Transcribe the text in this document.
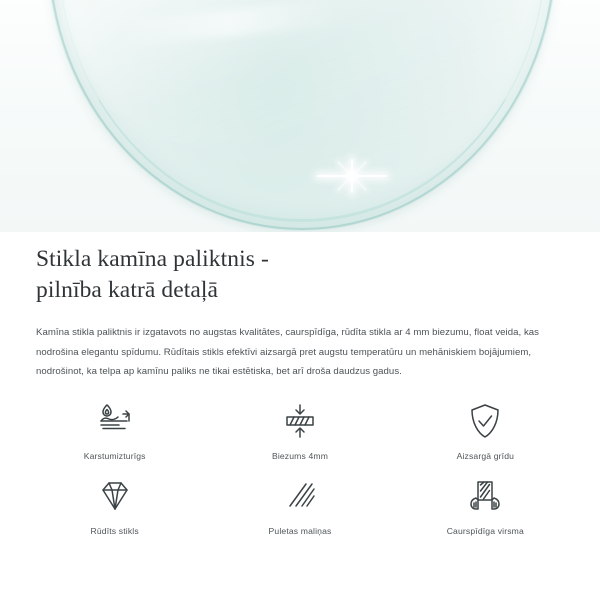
Stikla kamīna paliktnis -
pilnība katrā detaļā

Kamīna stikla paliktnis ir izgatavots no augstas kvalitātes, caurspīdīga, rūdīta stikla ar 4 mm biezumu, float veida, kas nodrošina elegantu spīdumu. Rūdītais stikls efektīvi aizsargā pret augstu temperatūru un mehāniskiem bojājumiem, nodrošinot, ka telpa ap kamīnu paliks ne tikai estētiska, bet arī droša daudzus gadus.

Karstumizturīgs	Biezums 4mm	Aizsargā grīdu
Rūdīts stikls	Puletas maliņas	Caurspīdīga virsma
